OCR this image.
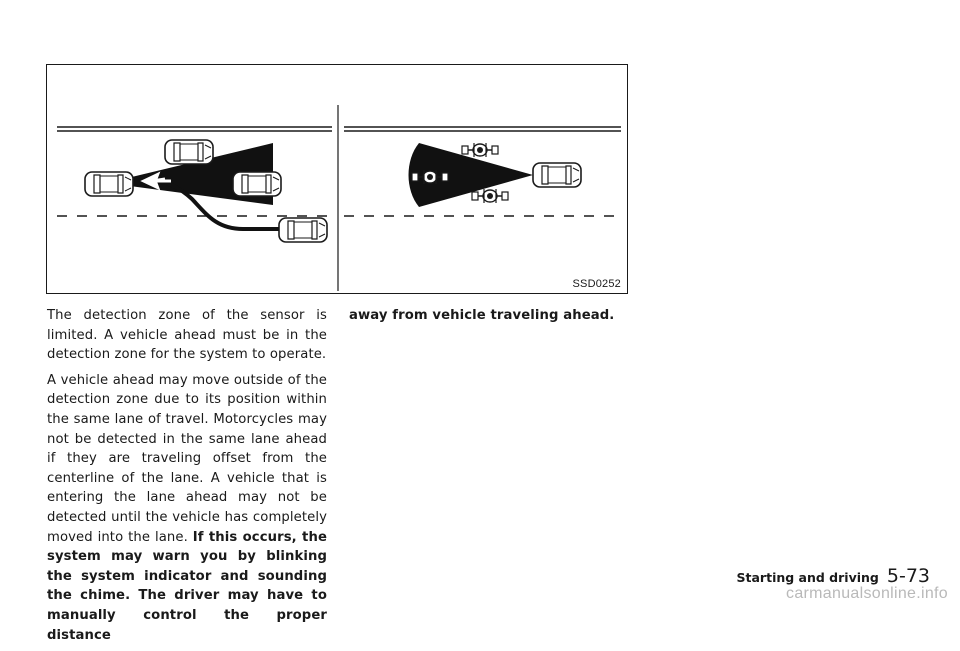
SSD0252

The detection zone of the sensor is limited. A vehicle ahead must be in the detection zone for the system to operate.

A vehicle ahead may move outside of the detection zone due to its position within the same lane of travel. Motorcycles may not be detected in the same lane ahead if they are traveling offset from the centerline of the lane. A vehicle that is entering the lane ahead may not be detected until the vehicle has completely moved into the lane. If this occurs, the system may warn you by blinking the system indicator and sounding the chime. The driver may have to manually control the proper distance

away from vehicle traveling ahead.

Starting and driving 5-73
carmanualsonline.info
